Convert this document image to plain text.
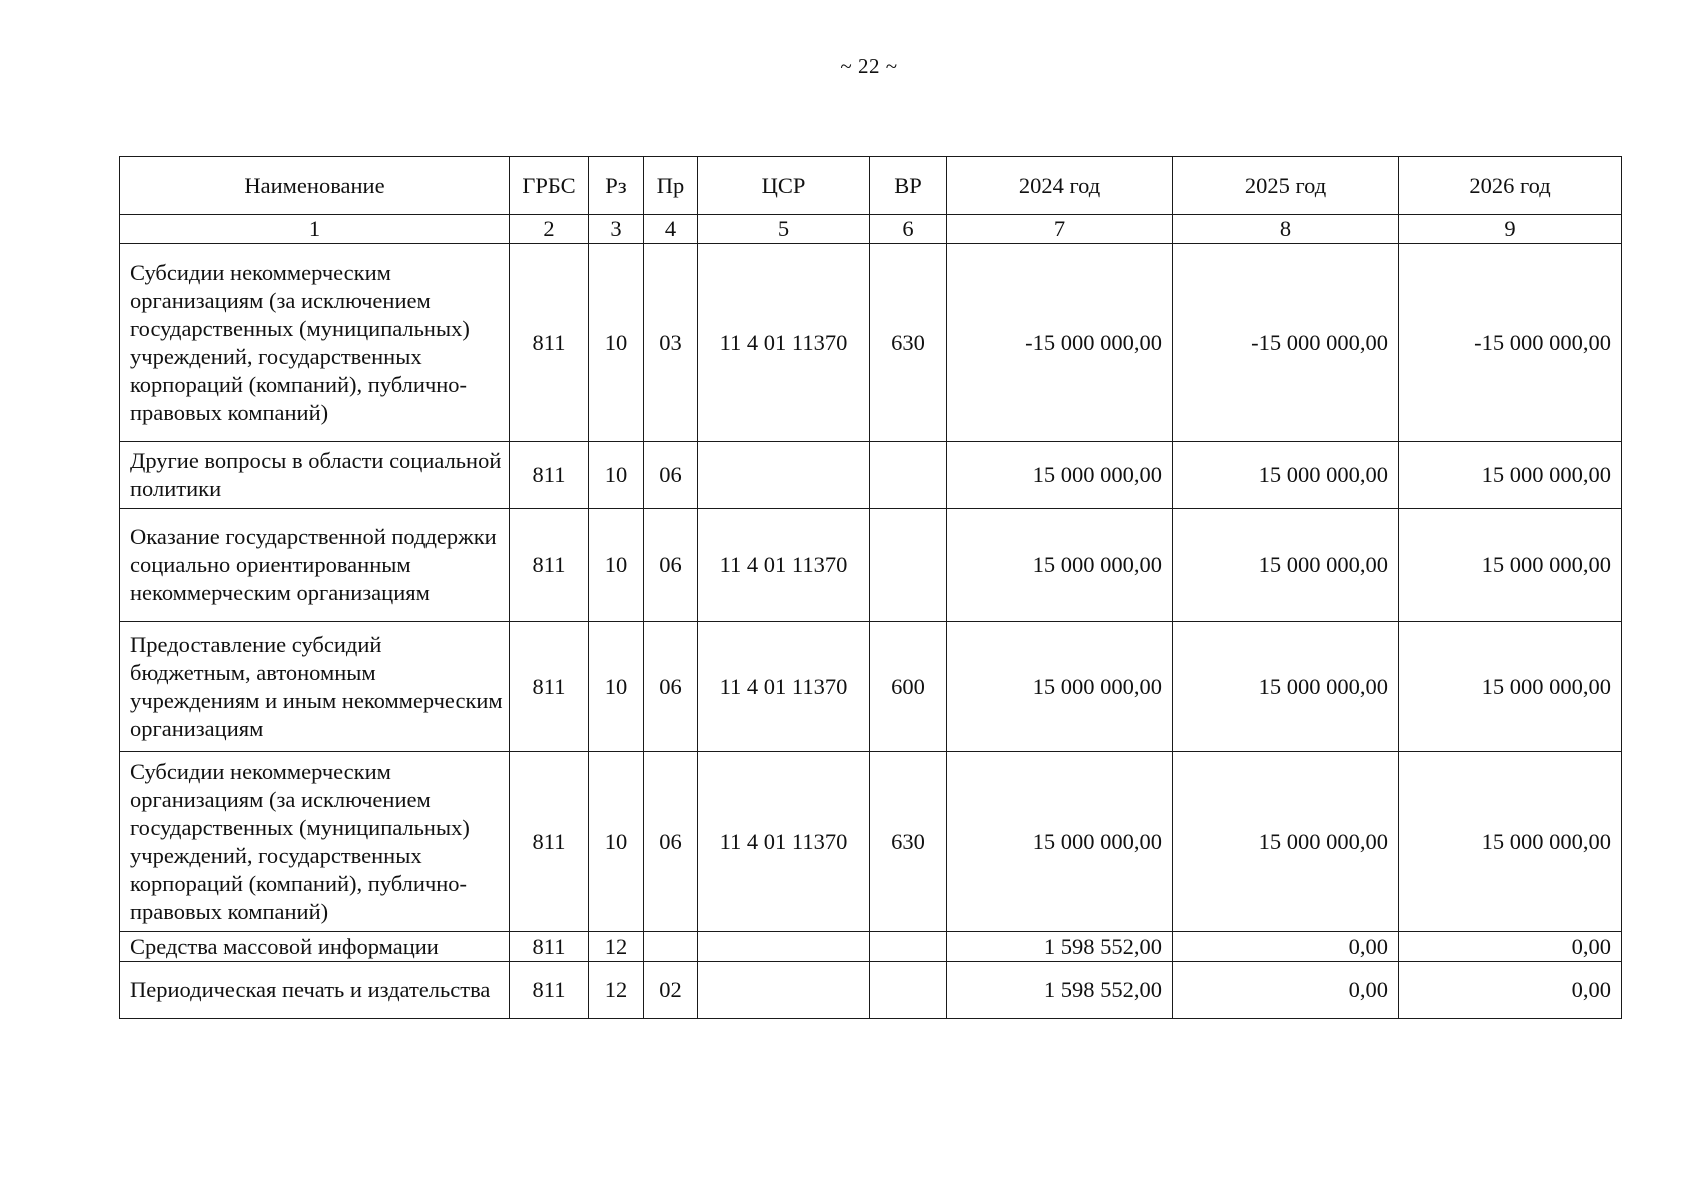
~ 22 ~
Наименование	ГРБС	Рз	Пр	ЦСР	ВР	2024 год	2025 год	2026 год
1	2	3	4	5	6	7	8	9
Субсидии некоммерческим организациям (за исключением государственных (муниципальных) учреждений, государственных корпораций (компаний), публично-правовых компаний)	811	10	03	11 4 01 11370	630	-15 000 000,00	-15 000 000,00	-15 000 000,00
Другие вопросы в области социальной политики	811	10	06			15 000 000,00	15 000 000,00	15 000 000,00
Оказание государственной поддержки социально ориентированным некоммерческим организациям	811	10	06	11 4 01 11370		15 000 000,00	15 000 000,00	15 000 000,00
Предоставление субсидий бюджетным, автономным учреждениям и иным некоммерческим организациям	811	10	06	11 4 01 11370	600	15 000 000,00	15 000 000,00	15 000 000,00
Субсидии некоммерческим организациям (за исключением государственных (муниципальных) учреждений, государственных корпораций (компаний), публично-правовых компаний)	811	10	06	11 4 01 11370	630	15 000 000,00	15 000 000,00	15 000 000,00
Средства массовой информации	811	12				1 598 552,00	0,00	0,00
Периодическая печать и издательства	811	12	02			1 598 552,00	0,00	0,00
